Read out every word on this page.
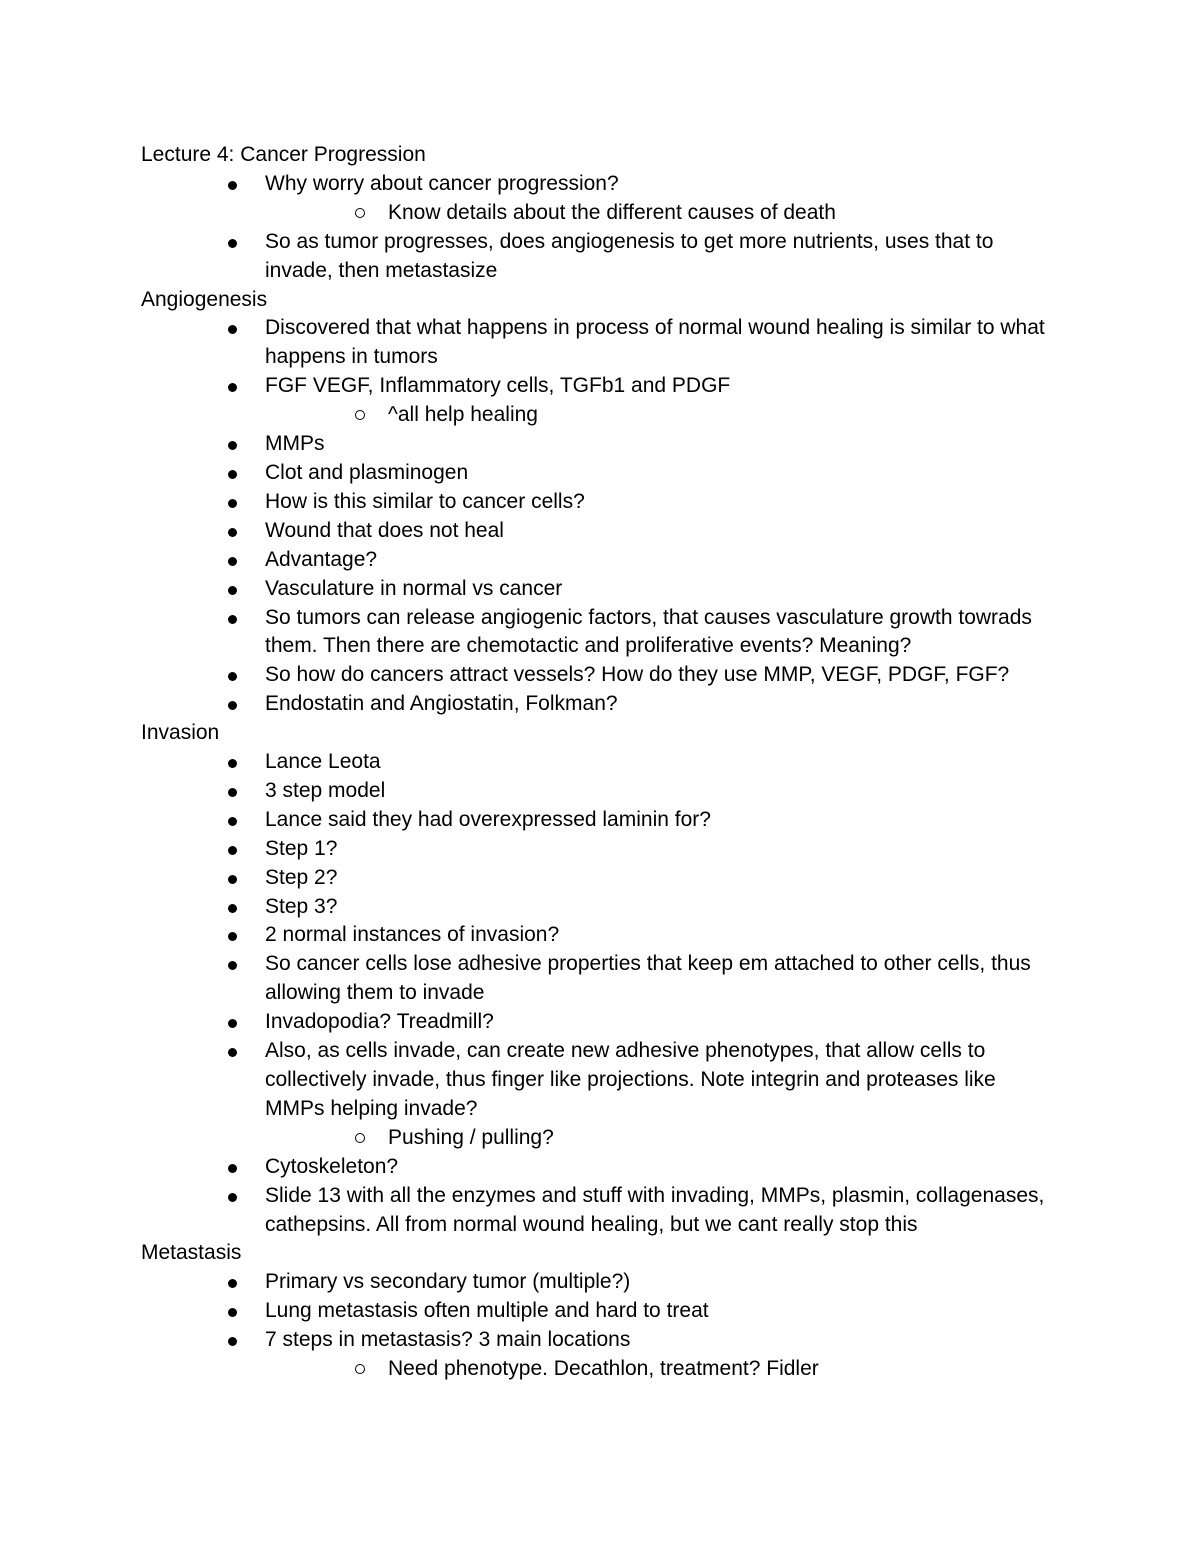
Lecture 4: Cancer Progression
Why worry about cancer progression?
Know details about the different causes of death
So as tumor progresses, does angiogenesis to get more nutrients, uses that to invade, then metastasize
Angiogenesis
Discovered that what happens in process of normal wound healing is similar to what happens in tumors
FGF VEGF, Inflammatory cells, TGFb1 and PDGF
^all help healing
MMPs
Clot and plasminogen
How is this similar to cancer cells?
Wound that does not heal
Advantage?
Vasculature in normal vs cancer
So tumors can release angiogenic factors, that causes vasculature growth towrads them. Then there are chemotactic and proliferative events? Meaning?
So how do cancers attract vessels? How do they use MMP, VEGF, PDGF, FGF?
Endostatin and Angiostatin, Folkman?
Invasion
Lance Leota
3 step model
Lance said they had overexpressed laminin for?
Step 1?
Step 2?
Step 3?
2 normal instances of invasion?
So cancer cells lose adhesive properties that keep em attached to other cells, thus allowing them to invade
Invadopodia? Treadmill?
Also, as cells invade, can create new adhesive phenotypes, that allow cells to collectively invade, thus finger like projections. Note integrin and proteases like MMPs helping invade?
Pushing / pulling?
Cytoskeleton?
Slide 13 with all the enzymes and stuff with invading, MMPs, plasmin, collagenases, cathepsins. All from normal wound healing, but we cant really stop this
Metastasis
Primary vs secondary tumor (multiple?)
Lung metastasis often multiple and hard to treat
7 steps in metastasis? 3 main locations
Need phenotype. Decathlon, treatment? Fidler
